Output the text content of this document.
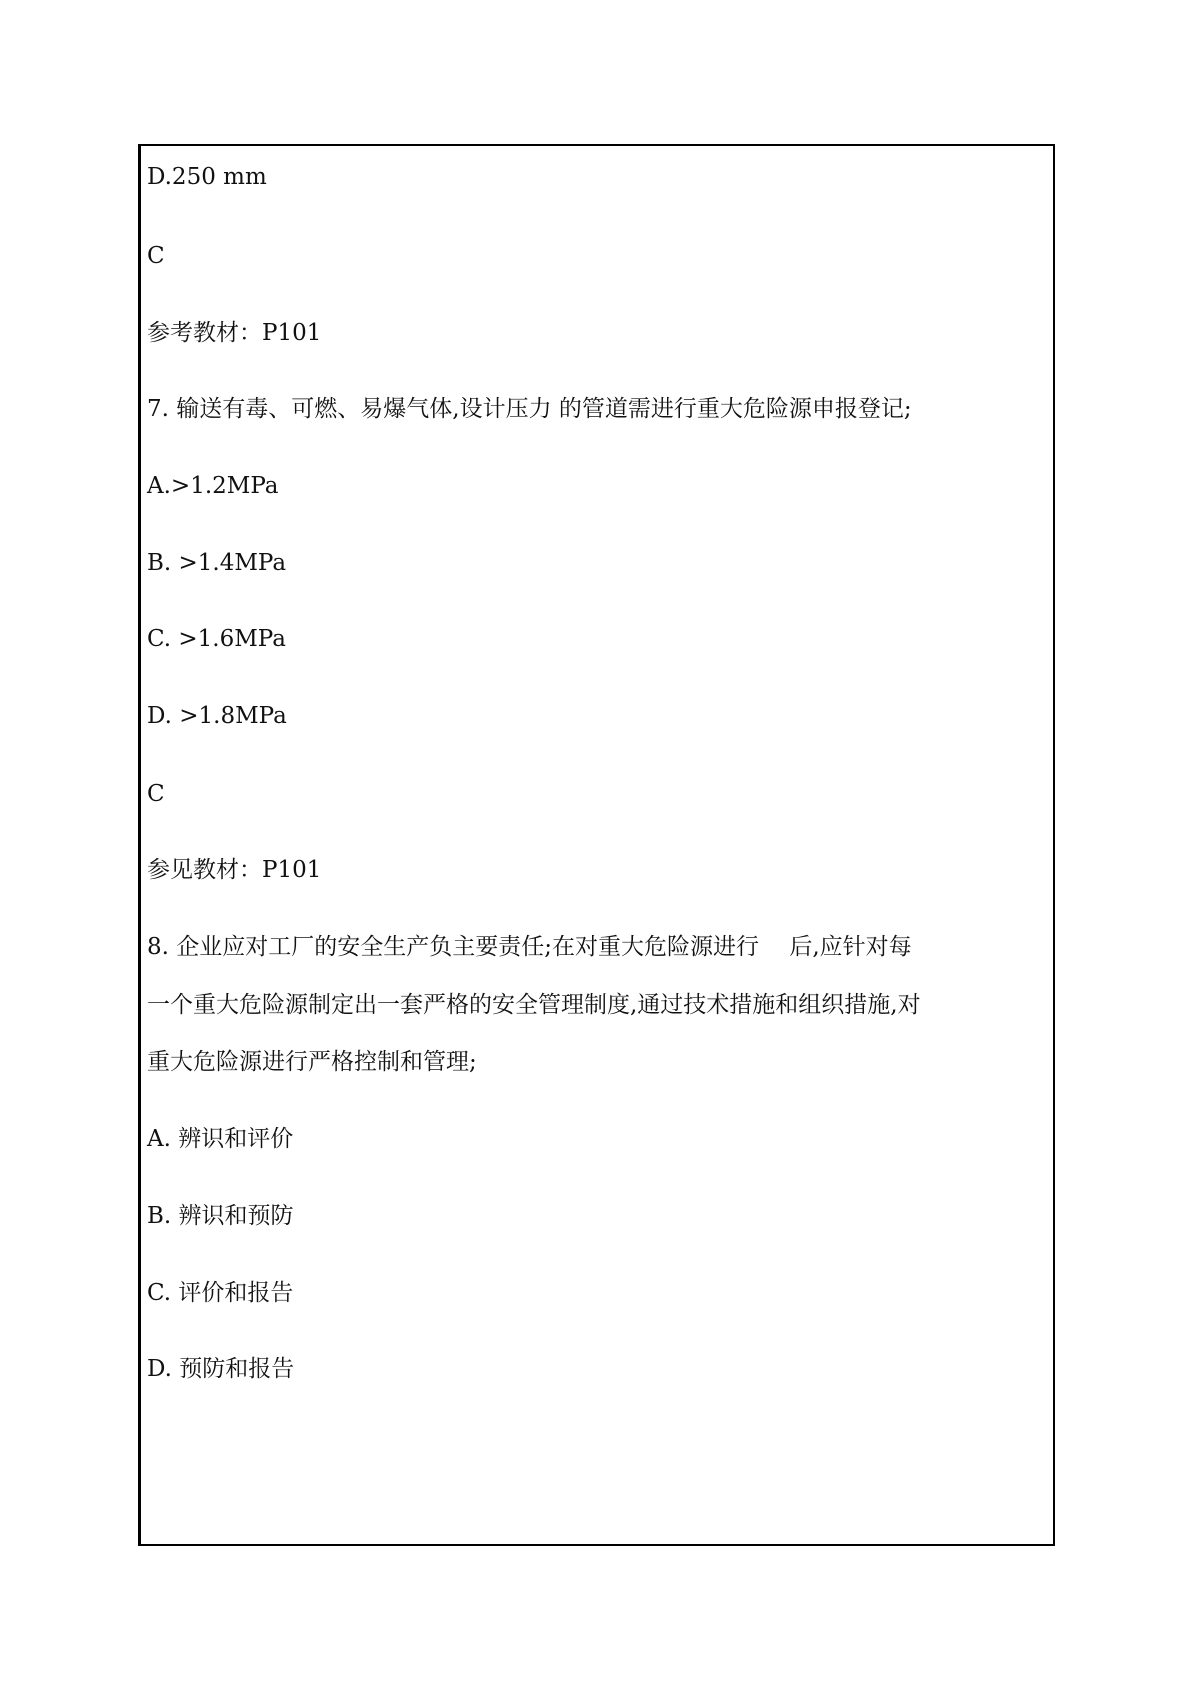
D.250 mm
C
参考教材：P101
7. 输送有毒、可燃、易爆气体,设计压力 的管道需进行重大危险源申报登记;
A.>1.2MPa
B. >1.4MPa
C. >1.6MPa
D. >1.8MPa
C
参见教材：P101
8. 企业应对工厂的安全生产负主要责任;在对重大危险源进行　 后,应针对每
一个重大危险源制定出一套严格的安全管理制度,通过技术措施和组织措施,对
重大危险源进行严格控制和管理;
A. 辨识和评价
B. 辨识和预防
C. 评价和报告
D. 预防和报告
